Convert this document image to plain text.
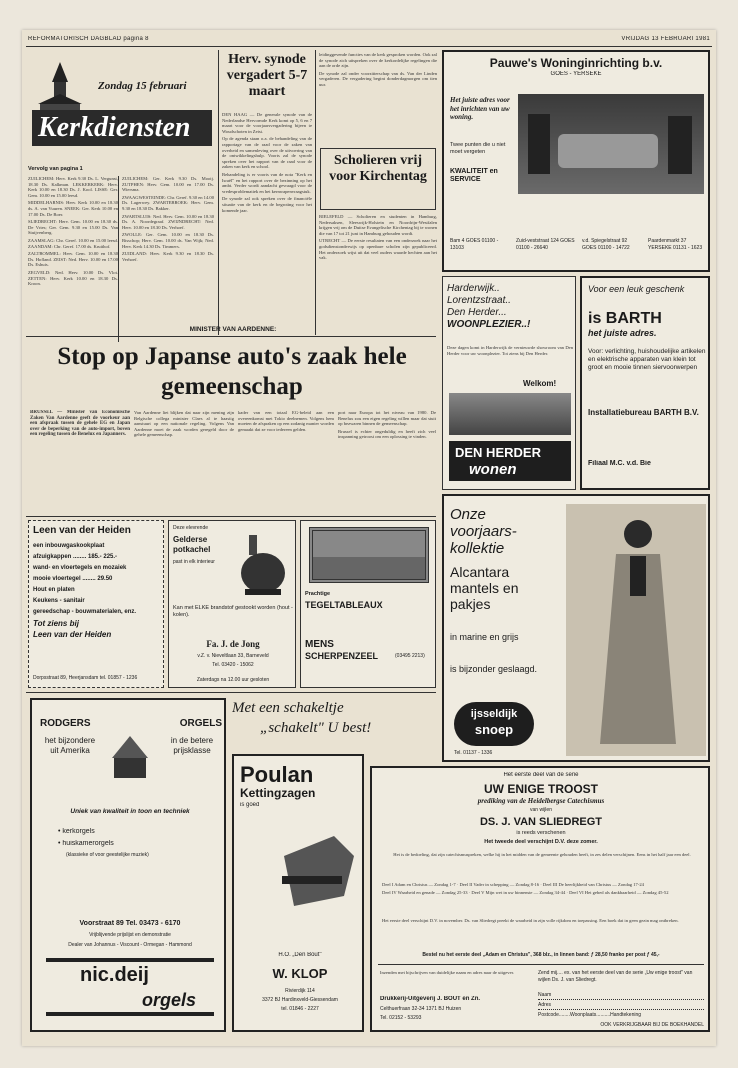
REFORMATORISCH DAGBLAD pagina 8	VRIJDAG 13 FEBRUARI 1981
Zondag 15 februari
Kerkdiensten
Vervolg van pagina 1

ZUILICHEM: Herv. Kerk 9.30 Ds. L. Vergunst, 18.30 Ds. Kalkman. LEKKERKERK: Herv. Kerk 10.00 en 18.30 Ds. J. Kool. LISSE: Ger. Gem. 10.00 en 15.00 leesd.

MIDDELHARNIS: Herv. Kerk 10.00 en 18.30 ds. A. van Vuuren. SNEEK: Ger. Kerk 10.00 en 17.00 Ds. De Boer.

SLIEDRECHT: Herv. Gem. 10.00 en 18.30 ds. De Vries; Ger. Gem. 9.30 en 15.00 Ds. Van Stuijvenberg.

ZAAMSLAG: Chr. Geref. 10.00 en 15.00 leesd. ZAANDAM: Chr. Geref. 17.00 ds. Kruithof.

ZALTBOMMEL: Herv. Gem. 10.00 en 18.30 Ds. Hofland. ZEIST: Ned. Herv. 10.00 en 17.00 Ds. Eshuis.

ZEGVELD: Ned. Herv. 10.00 Ds. Vlot. ZETTEN: Herv. Kerk 10.00 en 18.30 Ds. Kroon.

ZUILICHEM: Ger. Kerk 9.30 Ds. Mooij. ZUTPHEN: Herv. Gem. 10.00 en 17.00 Ds. Wiersma.

ZWAAGWESTEINDE: Chr. Geref. 9.30 en 14.00 Ds. Lagerwey. ZWARTEBROEK: Herv. Gem. 9.30 en 18.30 Ds. Bakker.

ZWARTSLUIS: Ned. Herv. Gem. 10.00 en 18.30 Ds. A. Noordegraaf. ZWIJNDRECHT: Ned. Herv. 10.00 en 18.30 Ds. Verhoef.

ZWOLLE: Ger. Gem. 10.00 en 18.30 Ds. Bisschop; Herv. Gem. 10.00 ds. Van Wijk; Ned. Herv. Kerk 14.30 Ds. Timmers.

ZUIDLAND: Herv. Kerk 9.30 en 18.30 Ds. Verhoef.

Herv. synode vergadert 5-7 maart

DEN HAAG — De generale synode van de Nederlandse Hervormde Kerk komt op 5, 6 en 7 maart voor de voorjaarsvergadering bijeen te Woudschoten in Zeist.

Op de agenda staan o.a. de behandeling van de rapportage van de raad voor de zaken van overheid en samenleving over de uitvoering van de ontwikkelingshulp. Voorts zal de synode spreken over het rapport van de raad voor de zaken van kerk en school.

Behandeling is er voorts van de nota "Kerk en Israël" en het rapport over de bezinning op het ambt. Verder wordt aandacht gevraagd voor de vredesproblematiek en het kernwapenvraagstuk.

De synode zal ook spreken over de financiële situatie van de kerk en de begroting voor het komende jaar.

leidinggevende functies van de kerk gesproken worden. Ook zal de synode zich uitspreken over de kerkordelijke regelingen die aan de orde zijn.

De synode zal onder voorzitterschap van ds. Van der Linden vergaderen. De vergadering begint donderdagmorgen om tien uur.

Scholieren vrij voor Kirchentag

BIELEFELD — Scholieren en studenten in Hamburg, Nedersaksen, Sleeswijk-Holstein en Noordrijn-Westfalen krijgen vrij om de Duitse Evangelische Kirchentag bij te wonen die van 17 tot 21 juni in Hamburg gehouden wordt.

UTRECHT — De eerste resultaten van een onderzoek naar het godsdienstonderwijs op openbare scholen zijn gepubliceerd. Het onderzoek wijst uit dat veel ouders waarde hechten aan het vak.

Pauwe's Woninginrichting b.v.
GOES - YERSEKE
Het juiste adres voor het inrichten van uw woning.
Twee punten die u niet moet vergeten
KWALITEIT en SERVICE
Bam 4 GOES 01100 - 13103
Zuid-veststraat 124 GOES 01100 - 26640
v.d. Spiegelstraat 92 GOES 01100 - 14722
Paardenmarkt 37 YERSEKE 01131 - 1623
MINISTER VAN AARDENNE:
Stop op Japanse auto's zaak hele gemeenschap

BRUSSEL — Minister van Economische Zaken Van Aardenne geeft de voorkeur aan een afspraak tussen de gehele EG en Japan over de beperking van de auto-import, boven een regeling tussen de Benelux en Japanners.

Van Aardenne liet blijken dat naar zijn mening zijn Belgische collega minister Claes al te haastig aanstuurt op een nationale regeling. Volgens Van Aardenne moet de zaak worden geregeld door de gehele gemeenschap.

kader van een totaal EG-beleid aan een overeenkomst met Tokio deelnemen. Volgens hem moeten de afspraken op een zodanig manier worden gemaakt dat ze voor iedereen gelden.

port naar Europa tot het niveau van 1980. De Benelux zou een eigen regeling willen maar dat stuit op bezwaren binnen de gemeenschap.

Brussel is echter ongeduldig en heeft zich veel inspanning getroost om een oplossing te vinden.

Harderwijk..
Lorentzstraat..
Den Herder...
WOONPLEZIER..!

Deze dagen komt in Harderwijk de vernieuwde showroom van Den Herder voor uw woonplezier. Tot ziens bij Den Herder.

Welkom!
DEN HERDER
wonen
Voor een leuk geschenk
is BARTH
het juiste adres.
Voor: verlichting, huishoudelijke artikelen en elektrische apparaten van klein tot groot en mooie tinnen siervoorwerpen
Installatiebureau BARTH B.V.
Filiaal M.C. v.d. Bie
Leen van der Heiden
een inbouwgaskookplaat
afzuigkappen ........ 185.- 225.-
wand- en vloertegels en mozaiek
mooie vloertegel ........ 29.50
Hout en platen
Keukens - sanitair
gereedschap - bouwmaterialen, enz.
Tot ziens bij
Leen van der Heiden
Dorpsstraat 89, Heerjansdam tel. 01857 - 1236
Deze elevrende
Gelderse potkachel
past in elk interieur
Kan met ELKE brandstof gestookt worden (hout - kolen).
Fa. J. de Jong
v.Z. v. Nieveltlaan 33, Barneveld
Tel. 03420 - 15062
Zaterdags na 12.00 uur gesloten
Prachtige
TEGELTABLEAUX
MENS
SCHERPENZEEL	(03495 2213)
Onze
voorjaars-
kollektie
Alcantara mantels en pakjes
in marine en grijs
is bijzonder geslaagd.
ijsseldijk
snoep
Tel. 01137 - 1336
Met een schakeltje
„schakelt" U best!
RODGERS
het bijzondere uit Amerika
ORGELS
in de betere prijsklasse
Uniek van kwaliteit in toon en techniek
• kerkorgels
• huiskamerorgels
(klassieke of voor geestelijke muziek)
Voorstraat 89 Tel. 03473 - 6170
Vrijblijvende prijslijst en demonstratie
Dealer van Johannus - Viscount - Ormegan - Hammond
nic.deij
orgels
Poulan
Kettingzagen
is goed
H.O. „Den Bout"
W. KLOP
Rivierdijk 114
3372 BJ Hardinxveld-Giessendam
tel. 01846 - 2227
Het eerste deel van de serie
UW ENIGE TROOST
prediking van de Heidelbergse Catechismus
van wijlen
DS. J. VAN SLIEDREGT
is reeds verschenen
Het tweede deel verschijnt D.V. deze zomer.

Het is de bedoeling, dat zijn catechismuspreken, welke hij in het midden van de gemeente gehouden heeft, in zes delen verschijnen. Eens in het half jaar een deel.

Deel I Adam en Christus — Zondag 1-7 · Deel II Vader in schepping — Zondag 8-16 · Deel III De heerlijkheid van Christus — Zondag 17-24

Deel IV Waarheid en genade — Zondag 25-33 · Deel V Mijn wet in uw binnenste — Zondag 34-44 · Deel VI Het gebed als dankbaarheid — Zondag 45-52

Het eerste deel verschijnt D.V. in november. Ds. van Sliedregt preekt de waarheid in zijn volle rijkdom en toepassing. Een boek dat in geen gezin mag ontbreken.

Bestel nu het eerste deel „Adam en Christus", 368 blz., in linnen band: ƒ 28,50 franko per post ƒ 45,-

Inzenden met bijschrijven van duidelijke naam en adres naar de uitgever.

Drukkerij-Uitgeverij J. BOUT en Zn.
Celthuerfraan 32-34 1371 BJ Huizen
Tel. 02152 - 53293
Zend mij.... ex. van het eerste deel van de serie „Uw enige troost" van wijlen Ds. J. van Sliedregt.
Naam
Adres
Postcode........Woonplaats..........Handtekening
OOK VERKRIJGBAAR BIJ DE BOEKHANDEL
